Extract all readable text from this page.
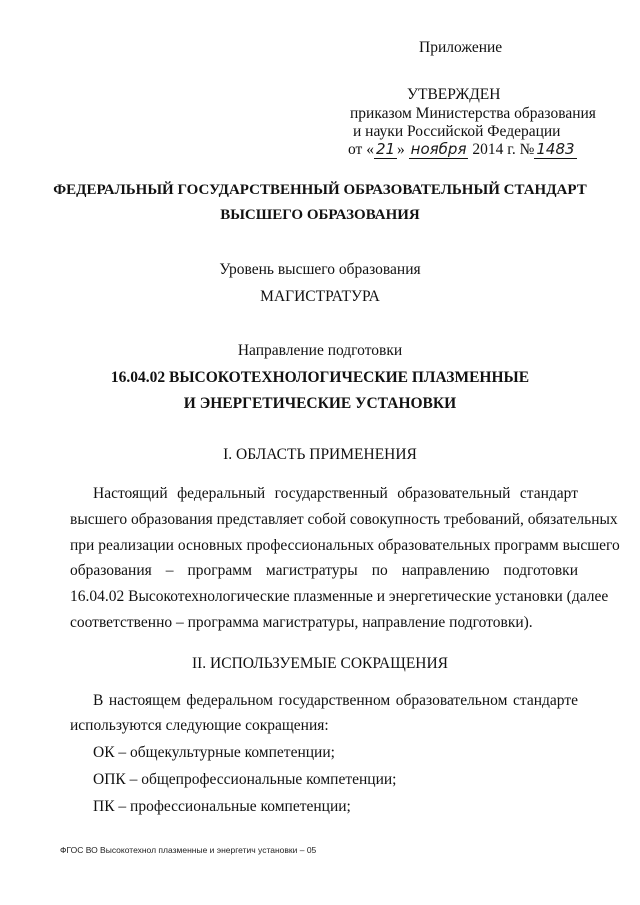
Приложение
УТВЕРЖДЕН
приказом Министерства образования
и науки Российской Федерации
от « 21 » ноября 2014 г. № 1483
ФЕДЕРАЛЬНЫЙ ГОСУДАРСТВЕННЫЙ ОБРАЗОВАТЕЛЬНЫЙ СТАНДАРТ
ВЫСШЕГО ОБРАЗОВАНИЯ
Уровень высшего образования
МАГИСТРАТУРА
Направление подготовки
16.04.02 ВЫСОКОТЕХНОЛОГИЧЕСКИЕ ПЛАЗМЕННЫЕ
И ЭНЕРГЕТИЧЕСКИЕ УСТАНОВКИ
I. ОБЛАСТЬ ПРИМЕНЕНИЯ
Настоящий федеральный государственный образовательный стандарт
высшего образования представляет собой совокупность требований, обязательных
при реализации основных профессиональных образовательных программ высшего
образования – программ магистратуры по направлению подготовки
16.04.02 Высокотехнологические плазменные и энергетические установки (далее
соответственно – программа магистратуры, направление подготовки).
II. ИСПОЛЬЗУЕМЫЕ СОКРАЩЕНИЯ
В настоящем федеральном государственном образовательном стандарте
используются следующие сокращения:
ОК – общекультурные компетенции;
ОПК – общепрофессиональные компетенции;
ПК – профессиональные компетенции;
ФГОС ВО Высокотехнол плазменные и энергетич установки – 05
